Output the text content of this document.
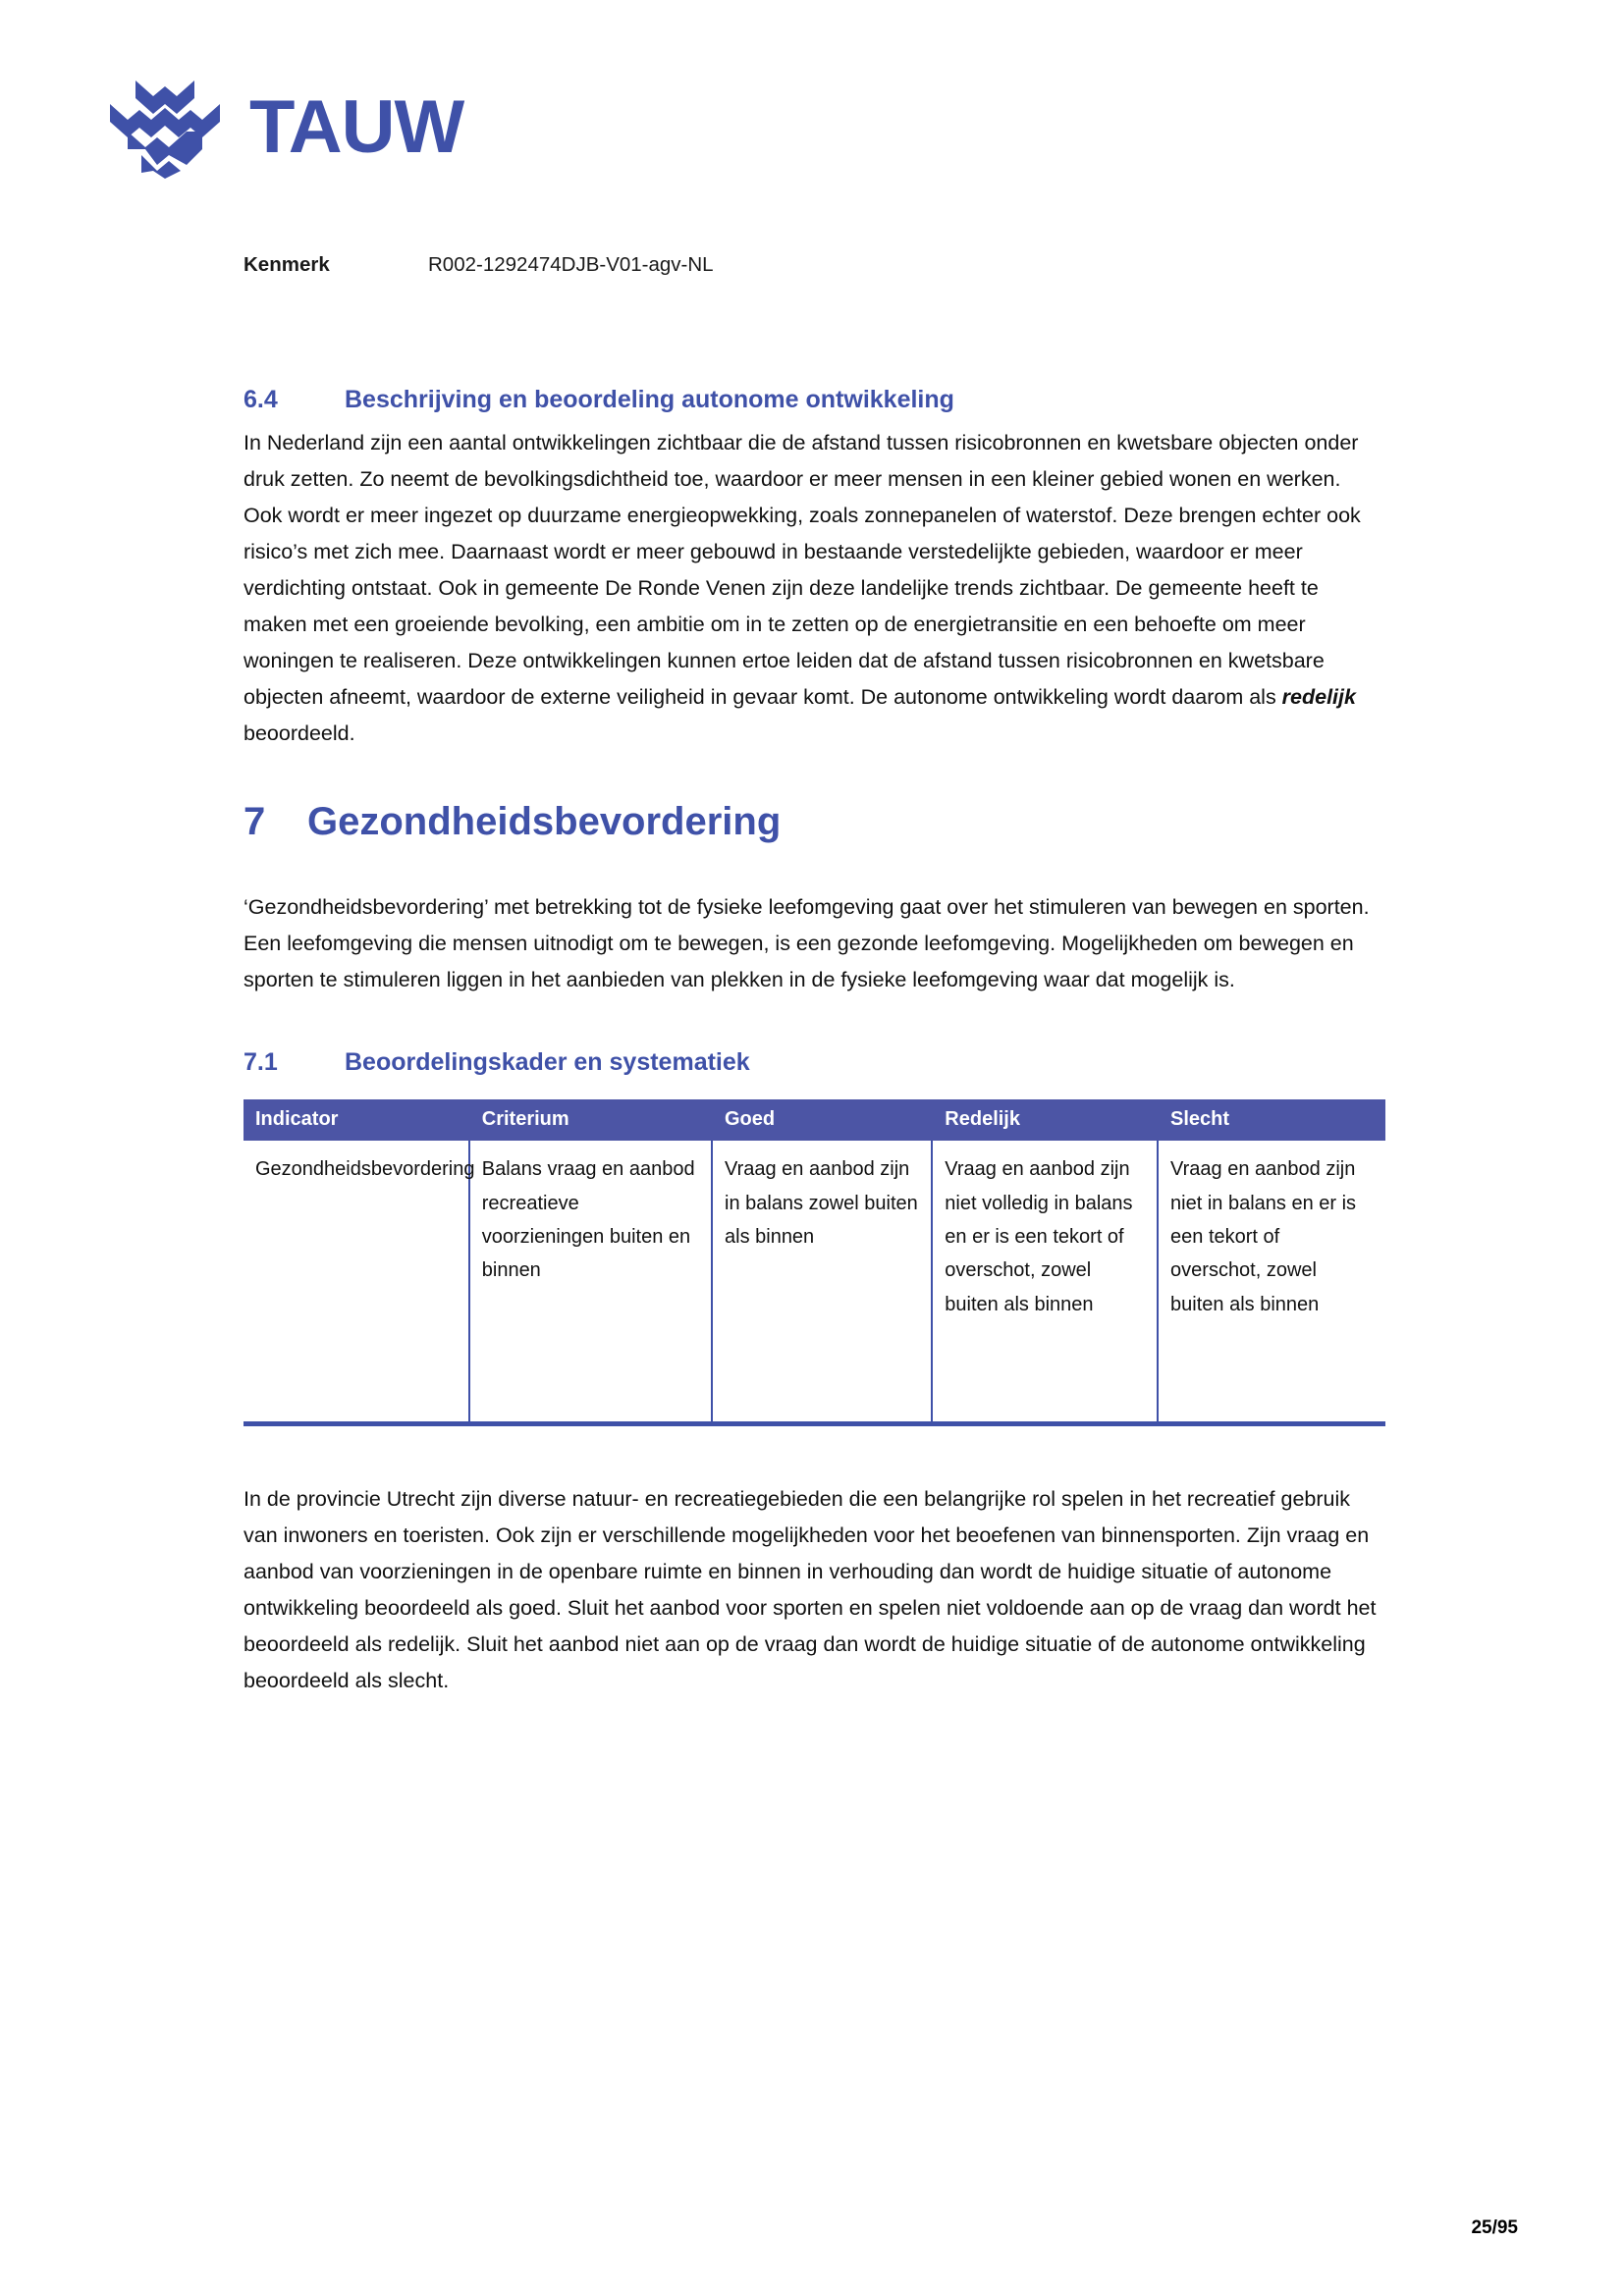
TAUW
Kenmerk	R002-1292474DJB-V01-agv-NL
6.4	Beschrijving en beoordeling autonome ontwikkeling

In Nederland zijn een aantal ontwikkelingen zichtbaar die de afstand tussen risicobronnen en kwetsbare objecten onder druk zetten. Zo neemt de bevolkingsdichtheid toe, waardoor er meer mensen in een kleiner gebied wonen en werken. Ook wordt er meer ingezet op duurzame energieopwekking, zoals zonnepanelen of waterstof. Deze brengen echter ook risico’s met zich mee. Daarnaast wordt er meer gebouwd in bestaande verstedelijkte gebieden, waardoor er meer verdichting ontstaat. Ook in gemeente De Ronde Venen zijn deze landelijke trends zichtbaar. De gemeente heeft te maken met een groeiende bevolking, een ambitie om in te zetten op de energietransitie en een behoefte om meer woningen te realiseren. Deze ontwikkelingen kunnen ertoe leiden dat de afstand tussen risicobronnen en kwetsbare objecten afneemt, waardoor de externe veiligheid in gevaar komt. De autonome ontwikkeling wordt daarom als redelijk beoordeeld.

7	Gezondheidsbevordering

‘Gezondheidsbevordering’ met betrekking tot de fysieke leefomgeving gaat over het stimuleren van bewegen en sporten. Een leefomgeving die mensen uitnodigt om te bewegen, is een gezonde leefomgeving. Mogelijkheden om bewegen en sporten te stimuleren liggen in het aanbieden van plekken in de fysieke leefomgeving waar dat mogelijk is.

7.1	Beoordelingskader en systematiek
Indicator	Criterium	Goed	Redelijk	Slecht
Gezondheidsbevordering	Balans vraag en aanbod recreatieve voorzieningen buiten en binnen	Vraag en aanbod zijn in balans zowel buiten als binnen	Vraag en aanbod zijn niet volledig in balans en er is een tekort of overschot, zowel buiten als binnen	Vraag en aanbod zijn niet in balans en er is een tekort of overschot, zowel buiten als binnen

In de provincie Utrecht zijn diverse natuur- en recreatiegebieden die een belangrijke rol spelen in het recreatief gebruik van inwoners en toeristen. Ook zijn er verschillende mogelijkheden voor het beoefenen van binnensporten. Zijn vraag en aanbod van voorzieningen in de openbare ruimte en binnen in verhouding dan wordt de huidige situatie of autonome ontwikkeling beoordeeld als goed. Sluit het aanbod voor sporten en spelen niet voldoende aan op de vraag dan wordt het beoordeeld als redelijk. Sluit het aanbod niet aan op de vraag dan wordt de huidige situatie of de autonome ontwikkeling beoordeeld als slecht.

25/95
